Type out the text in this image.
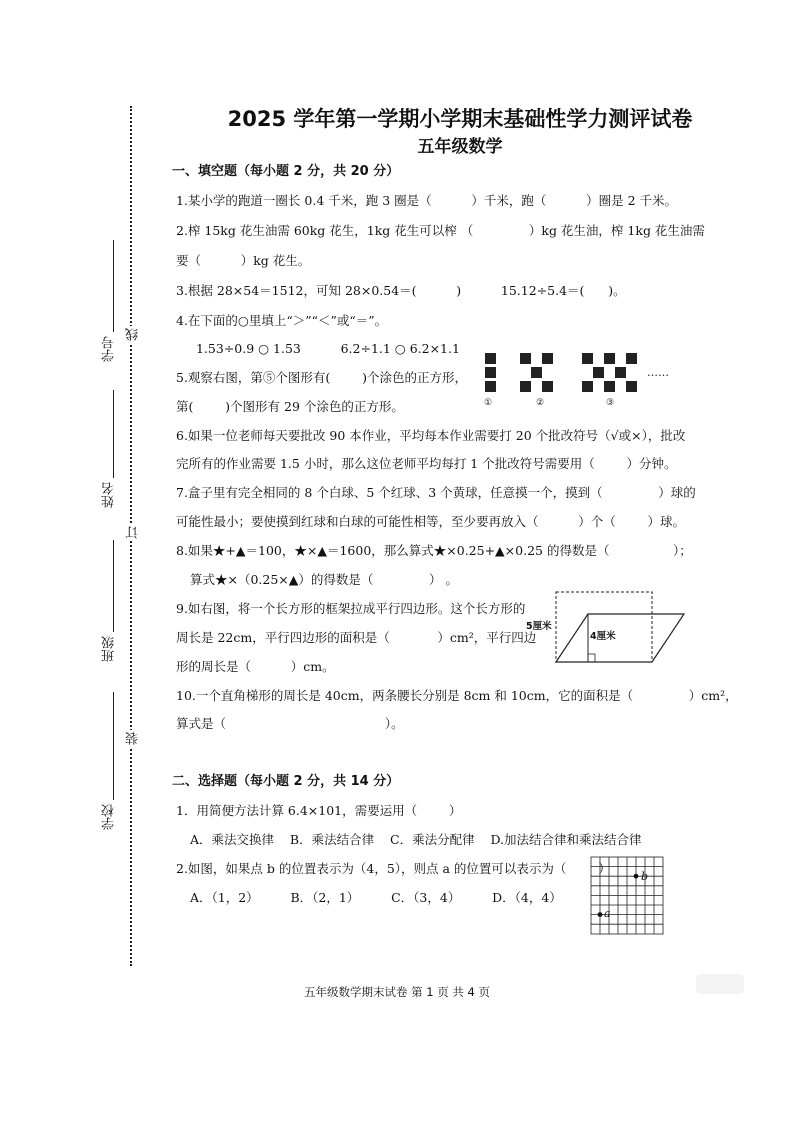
学号
姓名
班级
学校
线
订
装
2025 学年第一学期小学期末基础性学力测评试卷
五年级数学
一、填空题（每小题 2 分，共 20 分）
1.某小学的跑道一圈长 0.4 千米，跑 3 圈是（          ）千米，跑（          ）圈是 2 千米。
2.榨 15kg 花生油需 60kg 花生，1kg 花生可以榨 （              ）kg 花生油，榨 1kg 花生油需
要（          ）kg 花生。
3.根据 28×54＝1512，可知 28×0.54＝(          )          15.12÷5.4＝(      )。
4.在下面的○里填上“＞”“＜”或“＝”。
1.53÷0.9 ○ 1.53          6.2÷1.1 ○ 6.2×1.1
5.观察右图，第⑤个图形有(        )个涂色的正方形，
第(        )个图形有 29 个涂色的正方形。
……
①	②	③
6.如果一位老师每天要批改 90 本作业，平均每本作业需要打 20 个批改符号（√或×），批改
完所有的作业需要 1.5 小时，那么这位老师平均每打 1 个批改符号需要用（        ）分钟。
7.盒子里有完全相同的 8 个白球、5 个红球、3 个黄球，任意摸一个，摸到（              ）球的
可能性最小；要使摸到红球和白球的可能性相等，至少要再放入（          ）个（        ）球。
8.如果★+▲＝100，★×▲＝1600，那么算式★×0.25+▲×0.25 的得数是（                ）；
算式★×（0.25×▲）的得数是（              ） 。
9.如右图，将一个长方形的框架拉成平行四边形。这个长方形的
周长是 22cm，平行四边形的面积是（            ）cm²，平行四边
形的周长是（          ）cm。
5厘米
4厘米
10.一个直角梯形的周长是 40cm，两条腰长分别是 8cm 和 10cm，它的面积是（              ）cm²，
算式是（                                        ）。
二、选择题（每小题 2 分，共 14 分）
1．用简便方法计算 6.4×101，需要运用（        ）
A．乘法交换律    B．乘法结合律    C．乘法分配律    D.加法结合律和乘法结合律
2.如图，如果点 b 的位置表示为（4，5），则点 a 的位置可以表示为（        ）
A．（1，2）        B．（2，1）        C．（3，4）        D．（4，4）
b
a
五年级数学期末试卷 第 1 页 共 4 页
